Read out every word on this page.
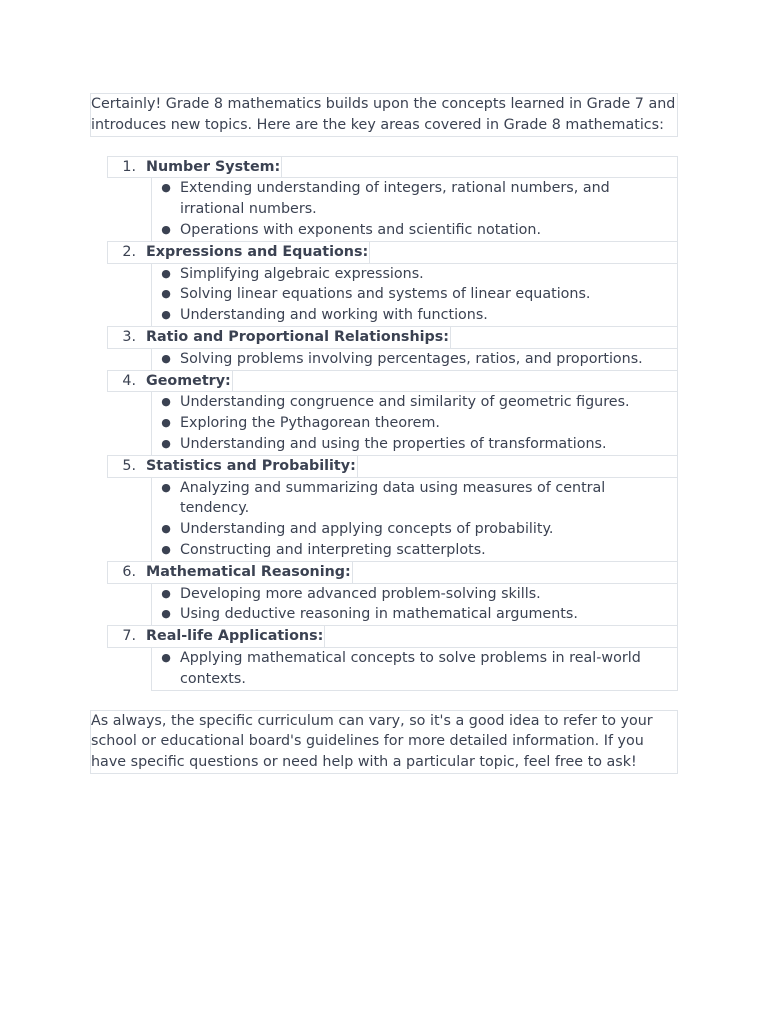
Certainly! Grade 8 mathematics builds upon the concepts learned in Grade 7 and introduces new topics. Here are the key areas covered in Grade 8 mathematics:

1. Number System:
● Extending understanding of integers, rational numbers, and irrational numbers.
● Operations with exponents and scientific notation.
2. Expressions and Equations:
● Simplifying algebraic expressions.
● Solving linear equations and systems of linear equations.
● Understanding and working with functions.
3. Ratio and Proportional Relationships:
● Solving problems involving percentages, ratios, and proportions.
4. Geometry:
● Understanding congruence and similarity of geometric figures.
● Exploring the Pythagorean theorem.
● Understanding and using the properties of transformations.
5. Statistics and Probability:
● Analyzing and summarizing data using measures of central tendency.
● Understanding and applying concepts of probability.
● Constructing and interpreting scatterplots.
6. Mathematical Reasoning:
● Developing more advanced problem-solving skills.
● Using deductive reasoning in mathematical arguments.
7. Real-life Applications:
● Applying mathematical concepts to solve problems in real-world contexts.

As always, the specific curriculum can vary, so it's a good idea to refer to your school or educational board's guidelines for more detailed information. If you have specific questions or need help with a particular topic, feel free to ask!
